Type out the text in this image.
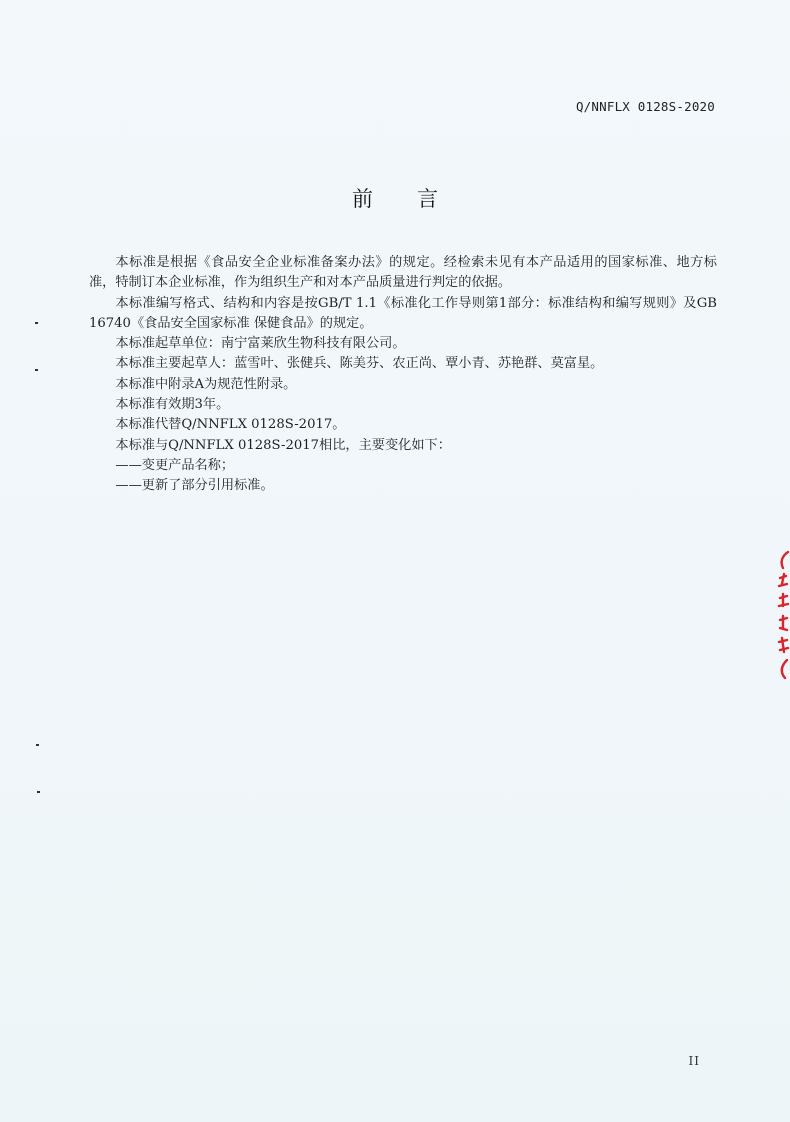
Q/NNFLX 0128S-2020
前言

本标准是根据《食品安全企业标准备案办法》的规定。经检索未见有本产品适用的国家标准、地方标准，特制订本企业标准，作为组织生产和对本产品质量进行判定的依据。

本标准编写格式、结构和内容是按GB/T 1.1《标准化工作导则第1部分：标准结构和编写规则》及GB 16740《食品安全国家标准 保健食品》的规定。

本标准起草单位：南宁富莱欣生物科技有限公司。

本标准主要起草人：蓝雪叶、张健兵、陈美芬、农正尚、覃小青、苏艳群、莫富星。

本标准中附录A为规范性附录。

本标准有效期3年。

本标准代替Q/NNFLX 0128S-2017。

本标准与Q/NNFLX 0128S-2017相比，主要变化如下：

——变更产品名称；

——更新了部分引用标准。

II
